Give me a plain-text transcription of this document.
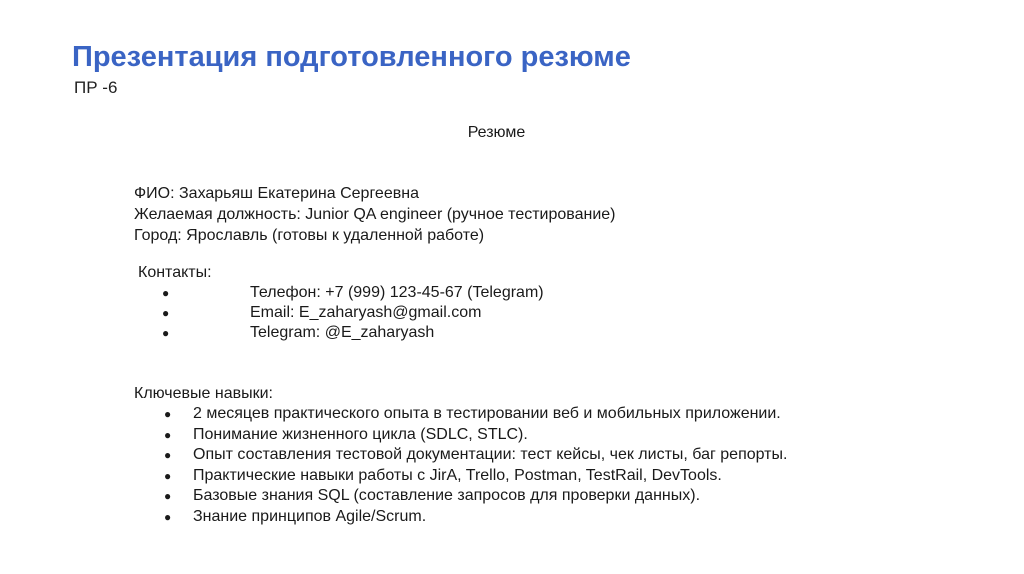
Презентация подготовленного резюме
ПР -6
Резюме
ФИО: Захарьяш Екатерина Сергеевна
Желаемая должность: Junior QA engineer (ручное тестирование)
Город: Ярославль (готовы к удаленной работе)
Контакты:
●	Телефон: +7 (999) 123-45-67 (Telegram)
●	Email: E_zaharyash@gmail.com
●	Telegram: @E_zaharyash
Ключевые навыки:
● 2 месяцев практического опыта в тестировании веб и мобильных приложении.
● Понимание жизненного цикла (SDLC, STLC).
● Опыт составления тестовой документации: тест кейсы, чек листы, баг репорты.
● Практические навыки работы с JirA, Trello, Postman, TestRail, DevTools.
● Базовые знания SQL (составление запросов для проверки данных).
● Знание принципов Agile/Scrum.
